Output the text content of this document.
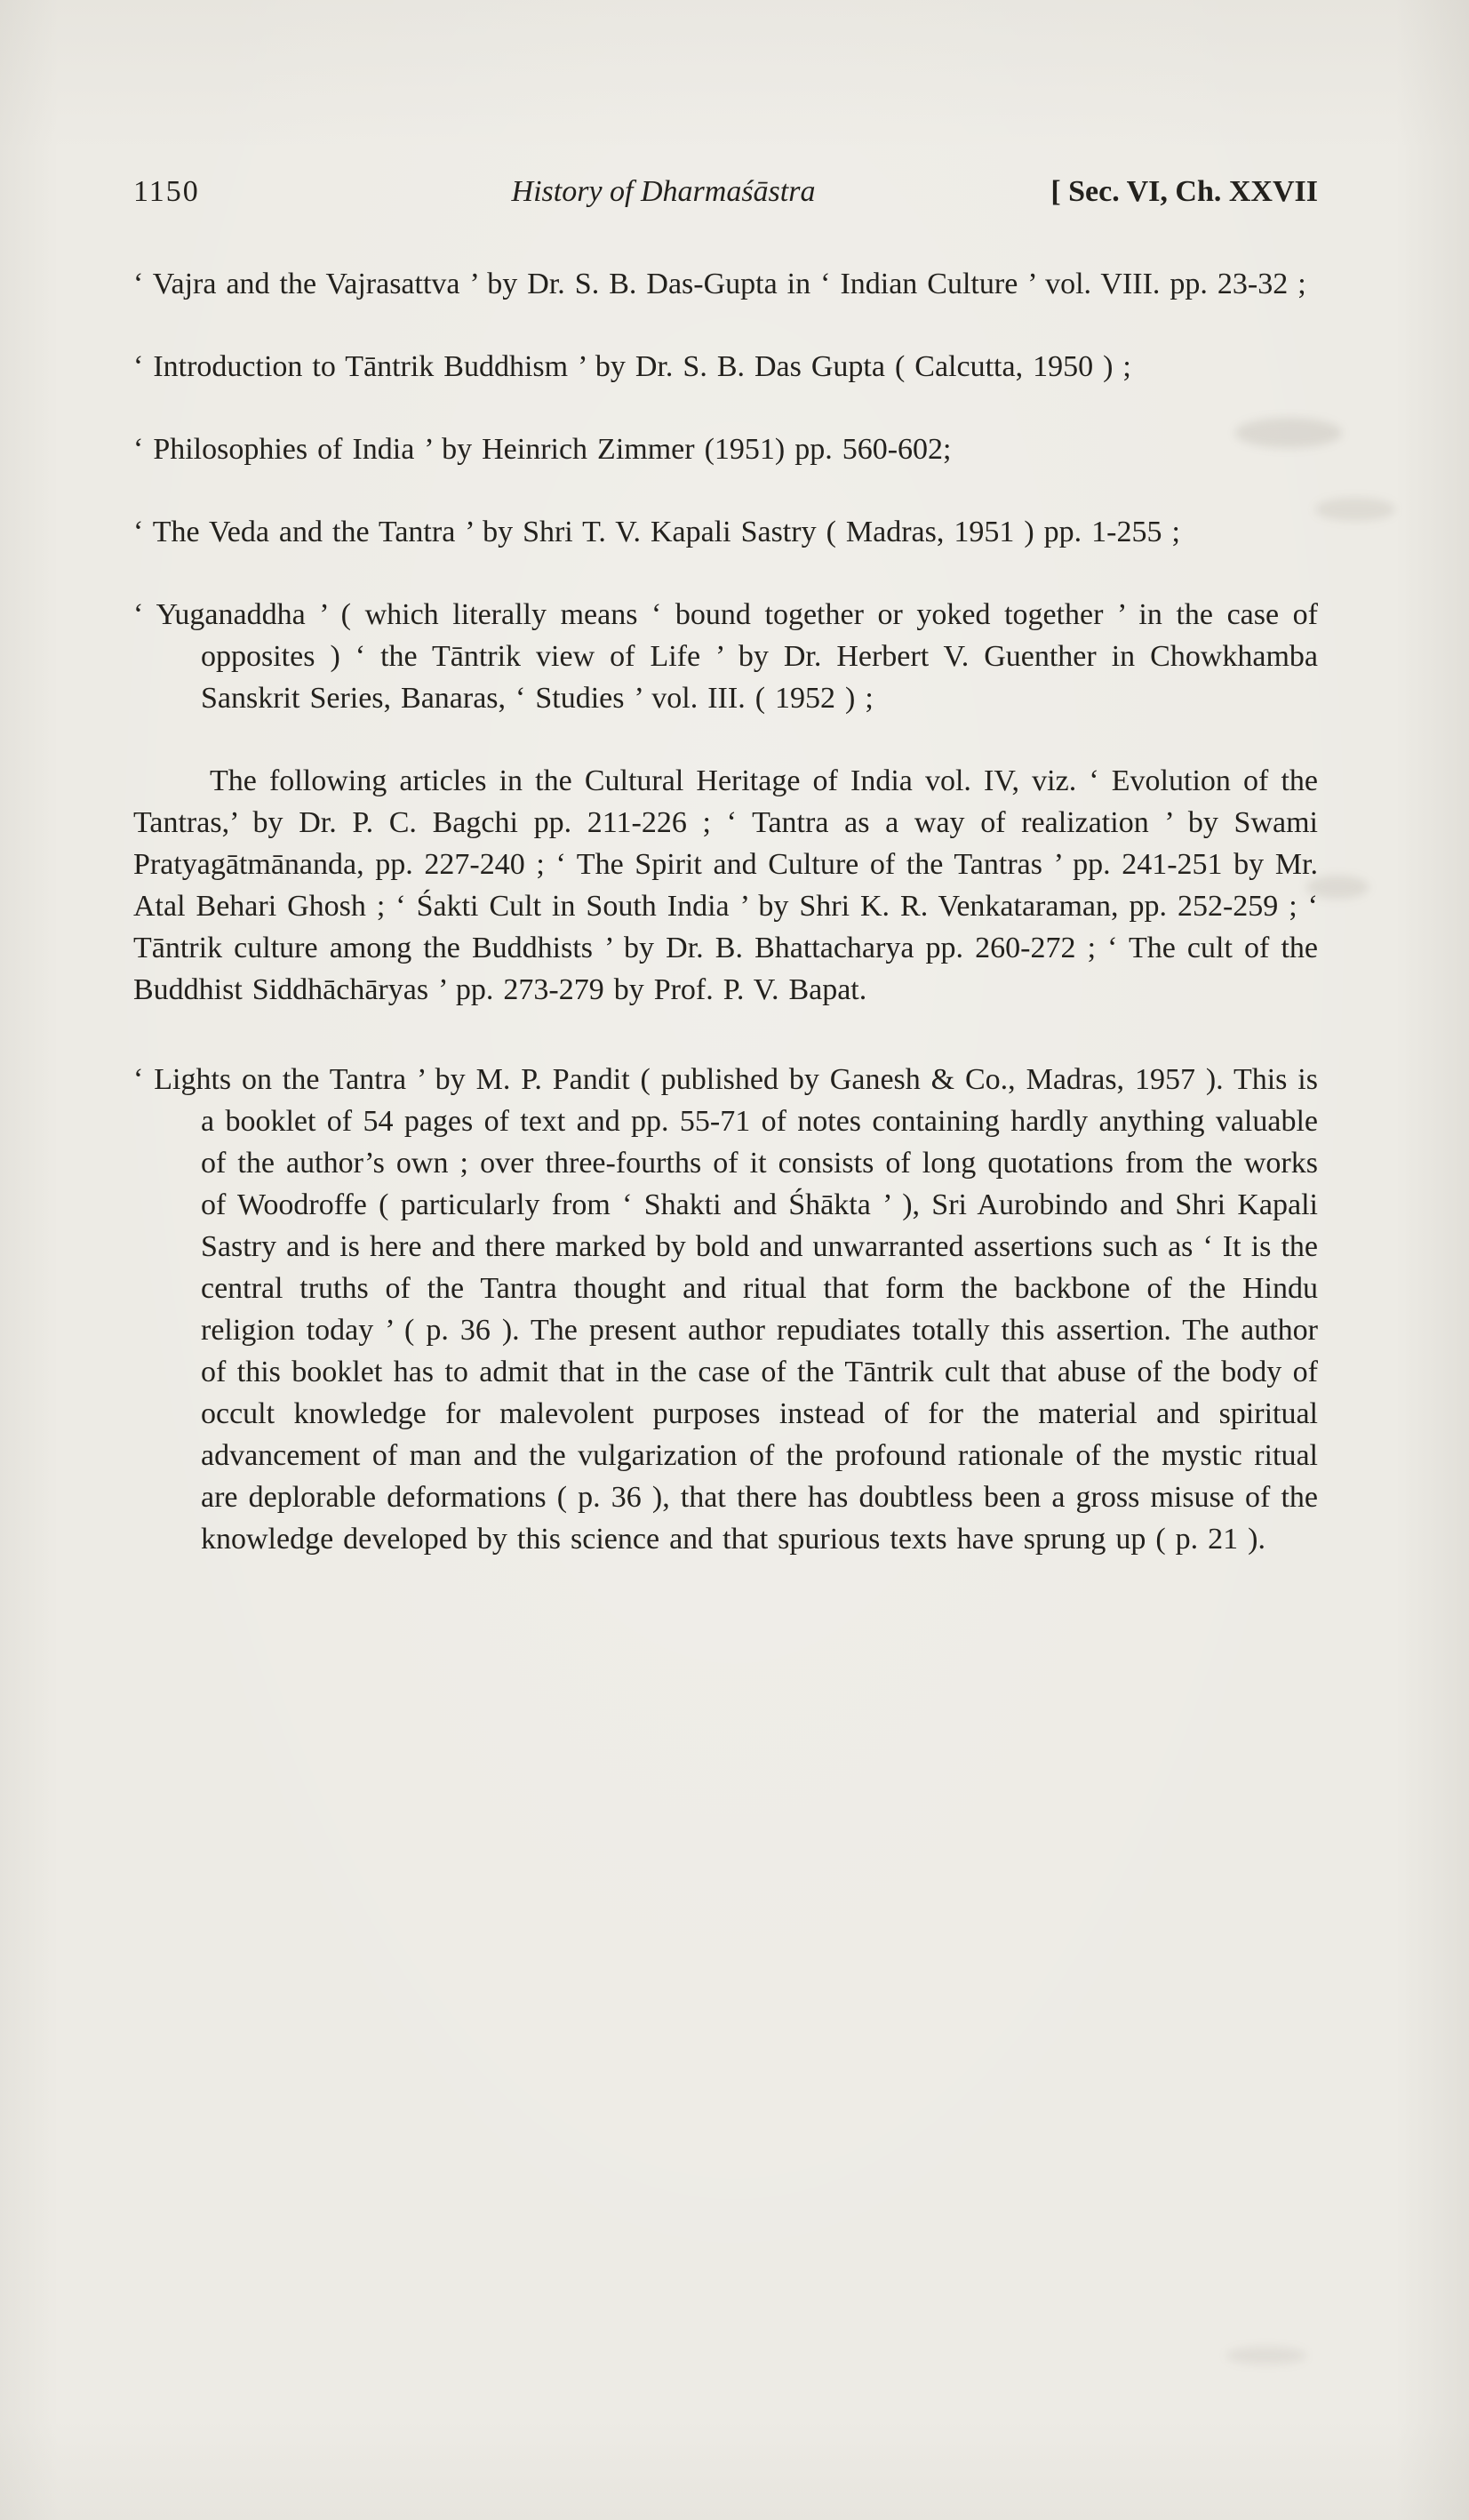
1150	History of Dharmaśāstra	[ Sec. VI, Ch. XXVII

‘ Vajra and the Vajrasattva ’ by Dr. S. B. Das-Gupta in ‘ Indian Culture ’ vol. VIII. pp. 23-32 ;

‘ Introduction to Tāntrik Buddhism ’ by Dr. S. B. Das Gupta ( Calcutta, 1950 ) ;

‘ Philosophies of India ’ by Heinrich Zimmer (1951) pp. 560-602;

‘ The Veda and the Tantra ’ by Shri T. V. Kapali Sastry ( Madras, 1951 ) pp. 1-255 ;

‘ Yuganaddha ’ ( which literally means ‘ bound together or yoked together ’ in the case of opposites ) ‘ the Tāntrik view of Life ’ by Dr. Herbert V. Guenther in Chowkhamba Sanskrit Series, Banaras, ‘ Studies ’ vol. III. ( 1952 ) ;

The following articles in the Cultural Heritage of India vol. IV, viz. ‘ Evolution of the Tantras,’ by Dr. P. C. Bagchi pp. 211-226 ; ‘ Tantra as a way of realization ’ by Swami Pratyagātmānanda, pp. 227-240 ; ‘ The Spirit and Culture of the Tantras ’ pp. 241-251 by Mr. Atal Behari Ghosh ; ‘ Śakti Cult in South India ’ by Shri K. R. Venkataraman, pp. 252-259 ; ‘ Tāntrik culture among the Buddhists ’ by Dr. B. Bhattacharya pp. 260-272 ; ‘ The cult of the Buddhist Siddhāchāryas ’ pp. 273-279 by Prof. P. V. Bapat.

‘ Lights on the Tantra ’ by M. P. Pandit ( published by Ganesh & Co., Madras, 1957 ). This is a booklet of 54 pages of text and pp. 55-71 of notes containing hardly anything valuable of the author’s own ; over three-fourths of it consists of long quotations from the works of Woodroffe ( particularly from ‘ Shakti and Śhākta ’ ), Sri Aurobindo and Shri Kapali Sastry and is here and there marked by bold and unwarranted assertions such as ‘ It is the central truths of the Tantra thought and ritual that form the backbone of the Hindu religion today ’ ( p. 36 ). The present author repudiates totally this assertion. The author of this booklet has to admit that in the case of the Tāntrik cult that abuse of the body of occult knowledge for malevolent purposes instead of for the material and spiritual advancement of man and the vulgarization of the profound rationale of the mystic ritual are deplorable deformations ( p. 36 ), that there has doubtless been a gross misuse of the knowledge developed by this science and that spurious texts have sprung up ( p. 21 ).
